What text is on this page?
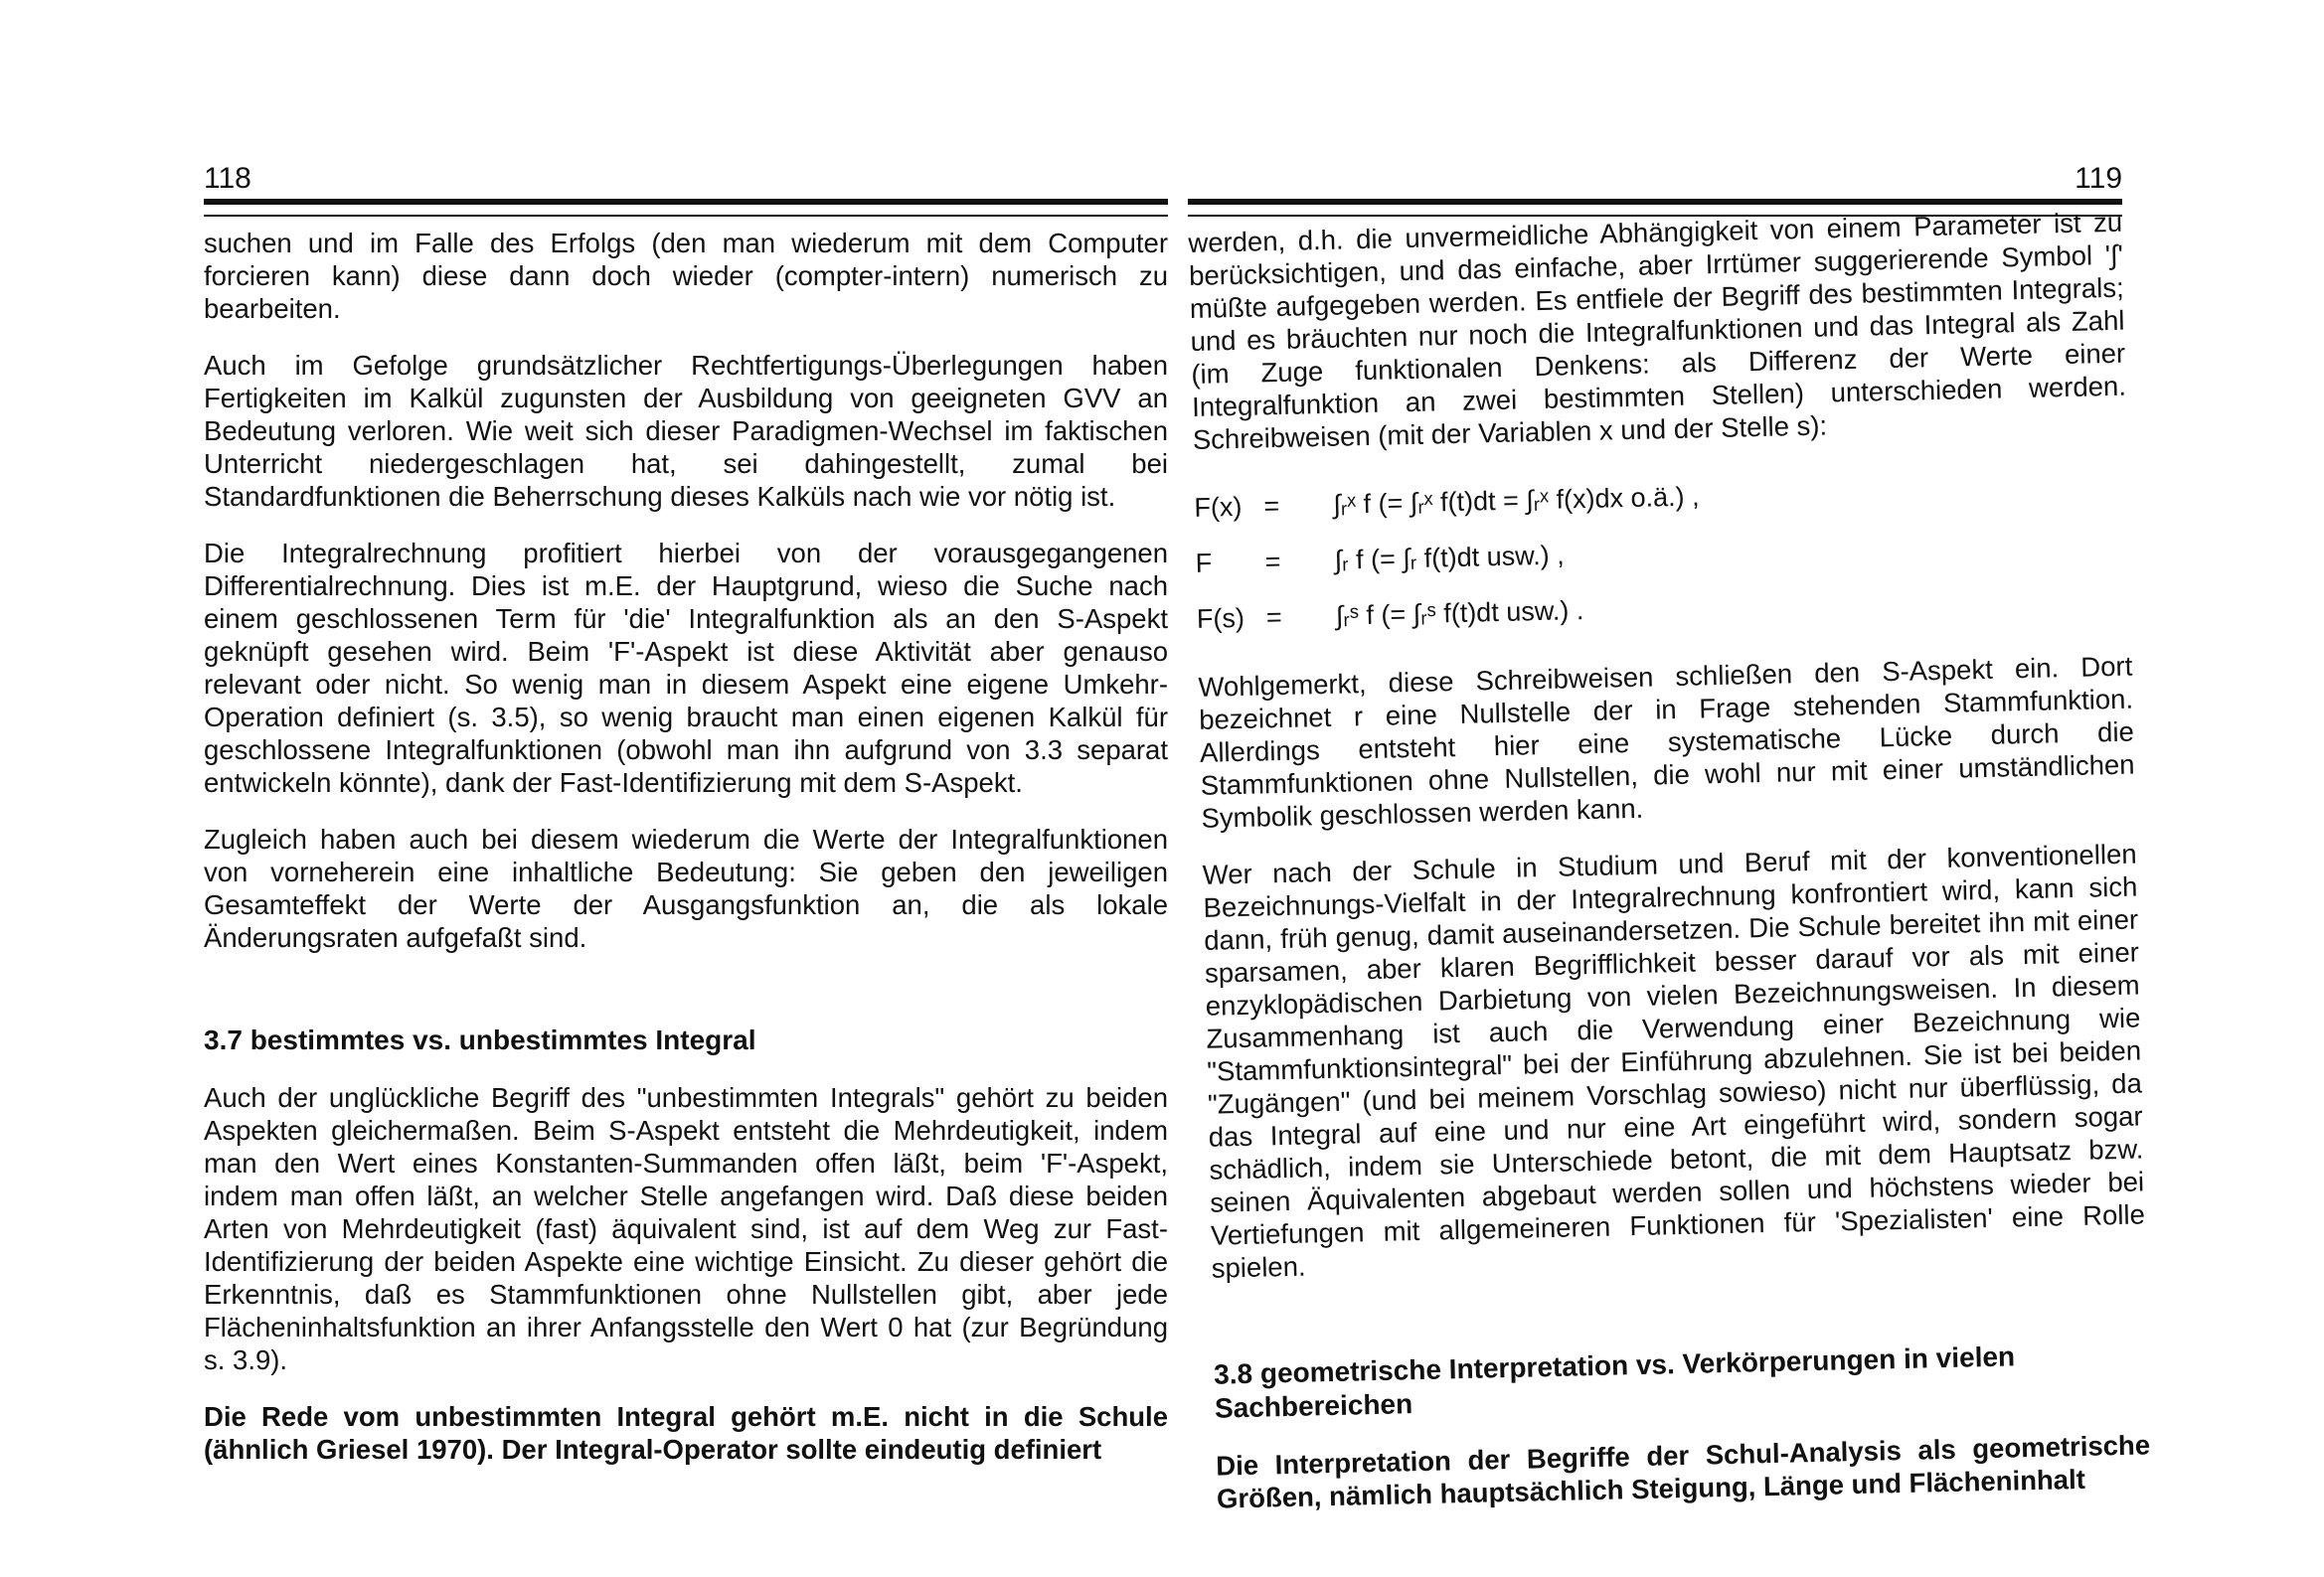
118

suchen und im Falle des Erfolgs (den man wiederum mit dem Computer forcieren kann) diese dann doch wieder (compter-intern) numerisch zu bearbeiten.

Auch im Gefolge grundsätzlicher Rechtfertigungs-Überlegungen haben Fertigkeiten im Kalkül zugunsten der Ausbildung von geeigneten GVV an Bedeutung verloren. Wie weit sich dieser Paradigmen-Wechsel im faktischen Unterricht niedergeschlagen hat, sei dahingestellt, zumal bei Standardfunktionen die Beherrschung dieses Kalküls nach wie vor nötig ist.

Die Integralrechnung profitiert hierbei von der vorausgegangenen Differentialrechnung. Dies ist m.E. der Hauptgrund, wieso die Suche nach einem geschlossenen Term für 'die' Integralfunktion als an den S-Aspekt geknüpft gesehen wird. Beim 'F'-Aspekt ist diese Aktivität aber genauso relevant oder nicht. So wenig man in diesem Aspekt eine eigene Umkehr-Operation definiert (s. 3.5), so wenig braucht man einen eigenen Kalkül für geschlossene Integralfunktionen (obwohl man ihn aufgrund von 3.3 separat entwickeln könnte), dank der Fast-Identifizierung mit dem S-Aspekt.

Zugleich haben auch bei diesem wiederum die Werte der Integralfunktionen von vorneherein eine inhaltliche Bedeutung: Sie geben den jeweiligen Gesamteffekt der Werte der Ausgangsfunktion an, die als lokale Änderungsraten aufgefaßt sind.

3.7 bestimmtes vs. unbestimmtes Integral

Auch der unglückliche Begriff des "unbestimmten Integrals" gehört zu beiden Aspekten gleichermaßen. Beim S-Aspekt entsteht die Mehrdeutigkeit, indem man den Wert eines Konstanten-Summanden offen läßt, beim 'F'-Aspekt, indem man offen läßt, an welcher Stelle angefangen wird. Daß diese beiden Arten von Mehrdeutigkeit (fast) äquivalent sind, ist auf dem Weg zur Fast-Identifizierung der beiden Aspekte eine wichtige Einsicht. Zu dieser gehört die Erkenntnis, daß es Stammfunktionen ohne Nullstellen gibt, aber jede Flächeninhaltsfunktion an ihrer Anfangsstelle den Wert 0 hat (zur Begründung s. 3.9).

Die Rede vom unbestimmten Integral gehört m.E. nicht in die Schule (ähnlich Griesel 1970). Der Integral-Operator sollte eindeutig definiert

119

werden, d.h. die unvermeidliche Abhängigkeit von einem Parameter ist zu berücksichtigen, und das einfache, aber Irrtümer suggerierende Symbol '∫' müßte aufgegeben werden. Es entfiele der Begriff des bestimmten Integrals; und es bräuchten nur noch die Integralfunktionen und das Integral als Zahl (im Zuge funktionalen Denkens: als Differenz der Werte einer Integralfunktion an zwei bestimmten Stellen) unterschieden werden. Schreibweisen (mit der Variablen x und der Stelle s):

F(x) =	∫ᵣˣ f (= ∫ᵣˣ f(t)dt = ∫ᵣˣ f(x)dx o.ä.) ,
F	=	∫ᵣ f (= ∫ᵣ f(t)dt usw.) ,
F(s) =	∫ᵣˢ f (= ∫ᵣˢ f(t)dt usw.) .

Wohlgemerkt, diese Schreibweisen schließen den S-Aspekt ein. Dort bezeichnet r eine Nullstelle der in Frage stehenden Stammfunktion. Allerdings entsteht hier eine systematische Lücke durch die Stammfunktionen ohne Nullstellen, die wohl nur mit einer umständlichen Symbolik geschlossen werden kann.

Wer nach der Schule in Studium und Beruf mit der konventionellen Bezeichnungs-Vielfalt in der Integralrechnung konfrontiert wird, kann sich dann, früh genug, damit auseinandersetzen. Die Schule bereitet ihn mit einer sparsamen, aber klaren Begrifflichkeit besser darauf vor als mit einer enzyklopädischen Darbietung von vielen Bezeichnungsweisen. In diesem Zusammenhang ist auch die Verwendung einer Bezeichnung wie "Stammfunktionsintegral" bei der Einführung abzulehnen. Sie ist bei beiden "Zugängen" (und bei meinem Vorschlag sowieso) nicht nur überflüssig, da das Integral auf eine und nur eine Art eingeführt wird, sondern sogar schädlich, indem sie Unterschiede betont, die mit dem Hauptsatz bzw. seinen Äquivalenten abgebaut werden sollen und höchstens wieder bei Vertiefungen mit allgemeineren Funktionen für 'Spezialisten' eine Rolle spielen.

3.8 geometrische Interpretation vs. Verkörperungen in vielen Sachbereichen

Die Interpretation der Begriffe der Schul-Analysis als geometrische Größen, nämlich hauptsächlich Steigung, Länge und Flächeninhalt
